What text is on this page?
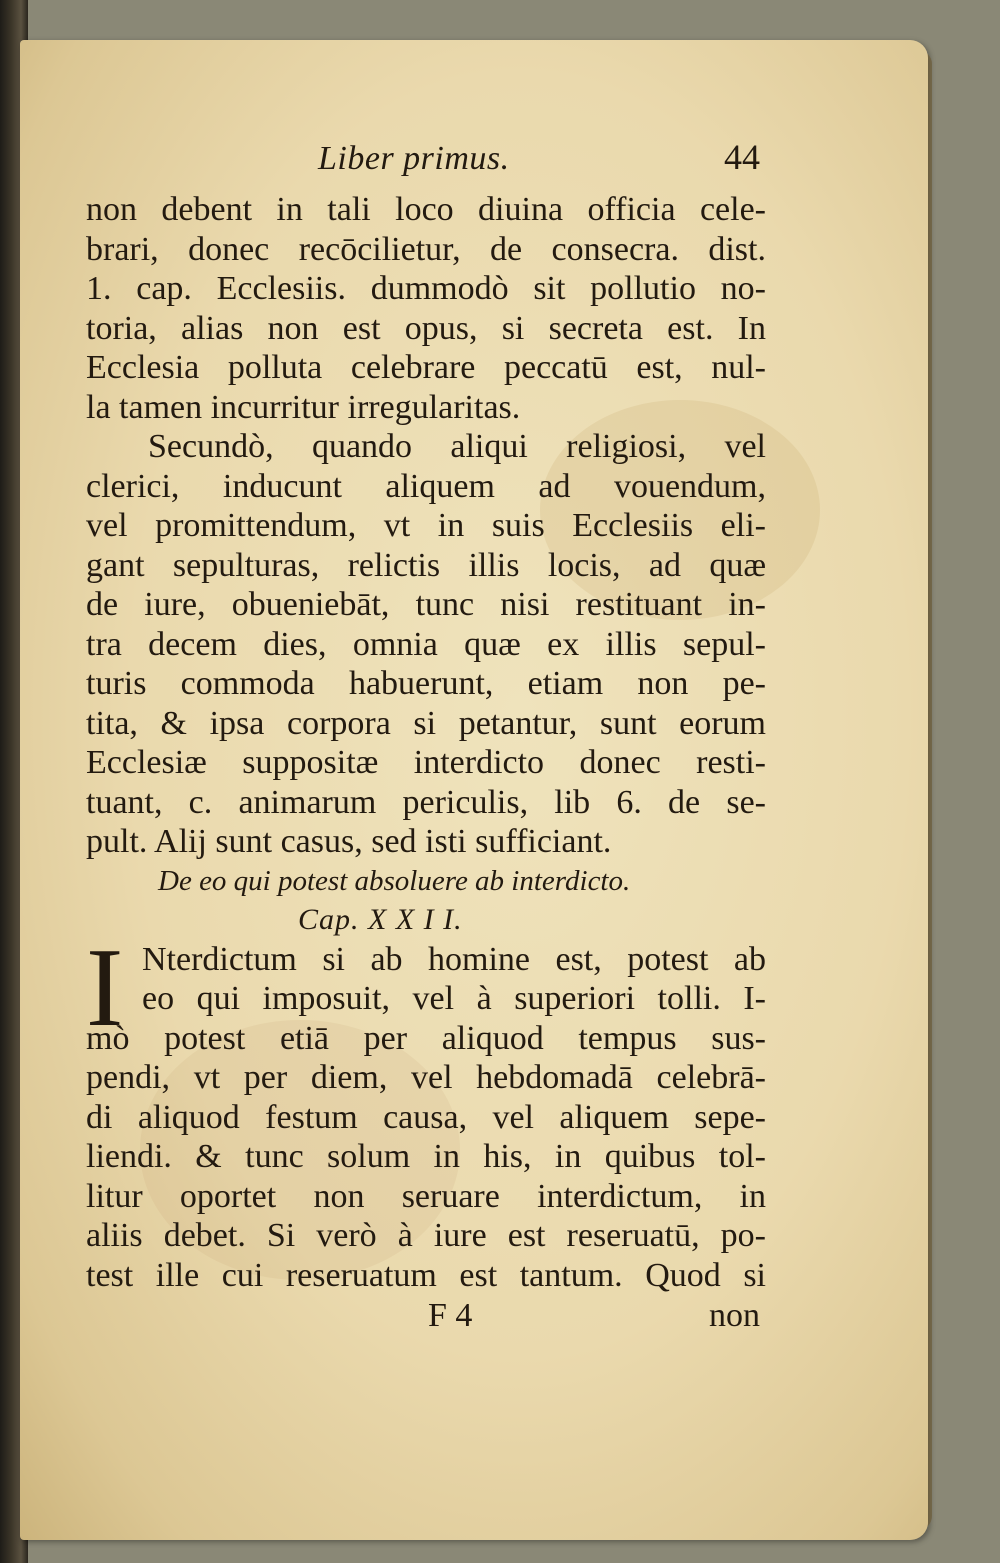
Liber primus.	44
non debent in tali loco diuina officia cele-
brari, donec recōcilietur, de consecra. dist.
1. cap. Ecclesiis. dummodò sit pollutio no-
toria, alias non est opus, si secreta est. In
Ecclesia polluta celebrare peccatū est, nul-
la tamen incurritur irregularitas.
Secundò, quando aliqui religiosi, vel
clerici, inducunt aliquem ad vouendum,
vel promittendum, vt in suis Ecclesiis eli-
gant sepulturas, relictis illis locis, ad quæ
de iure, obueniebāt, tunc nisi restituant in-
tra decem dies, omnia quæ ex illis sepul-
turis commoda habuerunt, etiam non pe-
tita, & ipsa corpora si petantur, sunt eorum
Ecclesiæ suppositæ interdicto donec resti-
tuant, c. animarum periculis, lib 6. de se-
pult. Alij sunt casus, sed isti sufficiant.
De eo qui potest absoluere ab interdicto.
Cap. X X I I.
I Nterdictum si ab homine est, potest ab
eo qui imposuit, vel à superiori tolli. I-
mò potest etiā per aliquod tempus sus-
pendi, vt per diem, vel hebdomadā celebrā-
di aliquod festum causa, vel aliquem sepe-
liendi. & tunc solum in his, in quibus tol-
litur oportet non seruare interdictum, in
aliis debet. Si verò à iure est reseruatū, po-
test ille cui reseruatum est tantum. Quod si
F 4	non
